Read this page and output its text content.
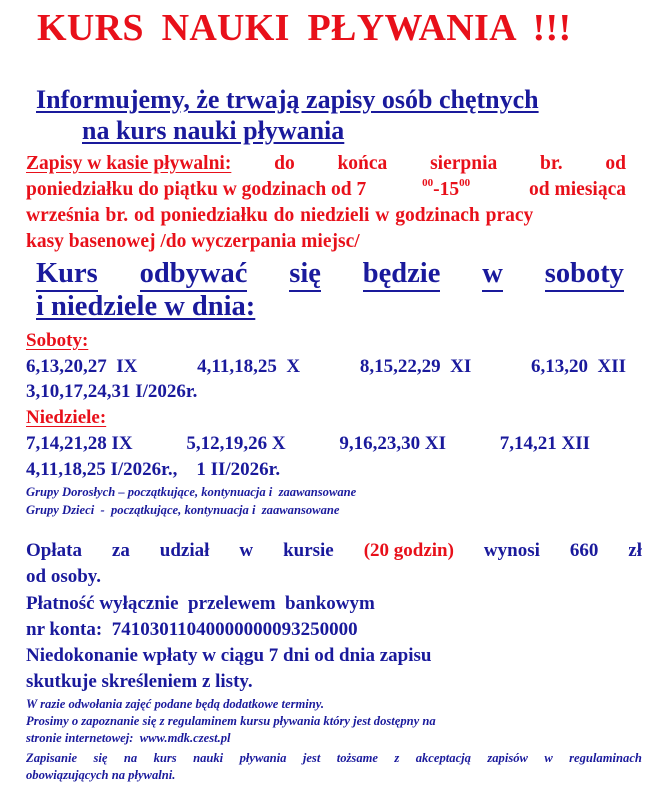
KURS NAUKI PŁYWANIA !!!
Informujemy, że trwają zapisy osób chętnych
na kurs nauki pływania
Zapisy w kasie pływalni: do końca sierpnia br. od
poniedziałku do piątku w godzinach od 7	$^{00}-15^{00}$	od miesiąca
września br. od poniedziałku do niedzieli w godzinach pracy
kasy basenowej /do wyczerpania miejsc/
Kurs odbywać się będzie w soboty
i niedziele w dnia:
Soboty:
6,13,20,27  IX	4,11,18,25  X	8,15,22,29  XI	6,13,20  XII
3,10,17,24,31 I/2026r.
Niedziele:
7,14,21,28 IX	5,12,19,26 X	9,16,23,30 XI	7,14,21 XII
4,11,18,25 I/2026r.,    1 II/2026r.
Grupy Dorosłych – początkujące, kontynuacja i  zaawansowane
Grupy Dzieci  -  początkujące, kontynuacja i  zaawansowane
Opłata za udział w kursie (20 godzin) wynosi 660 zł
od osoby.
Płatność wyłącznie  przelewem  bankowym
nr konta:  74103011040000000093250000
Niedokonanie wpłaty w ciągu 7 dni od dnia zapisu
skutkuje skreśleniem z listy.
W razie odwołania zajęć podane będą dodatkowe terminy.
Prosimy o zapoznanie się z regulaminem kursu pływania który jest dostępny na
stronie internetowej:  www.mdk.czest.pl
Zapisanie się na kurs nauki pływania jest tożsame z akceptacją zapisów w regulaminach
obowiązujących na pływalni.
